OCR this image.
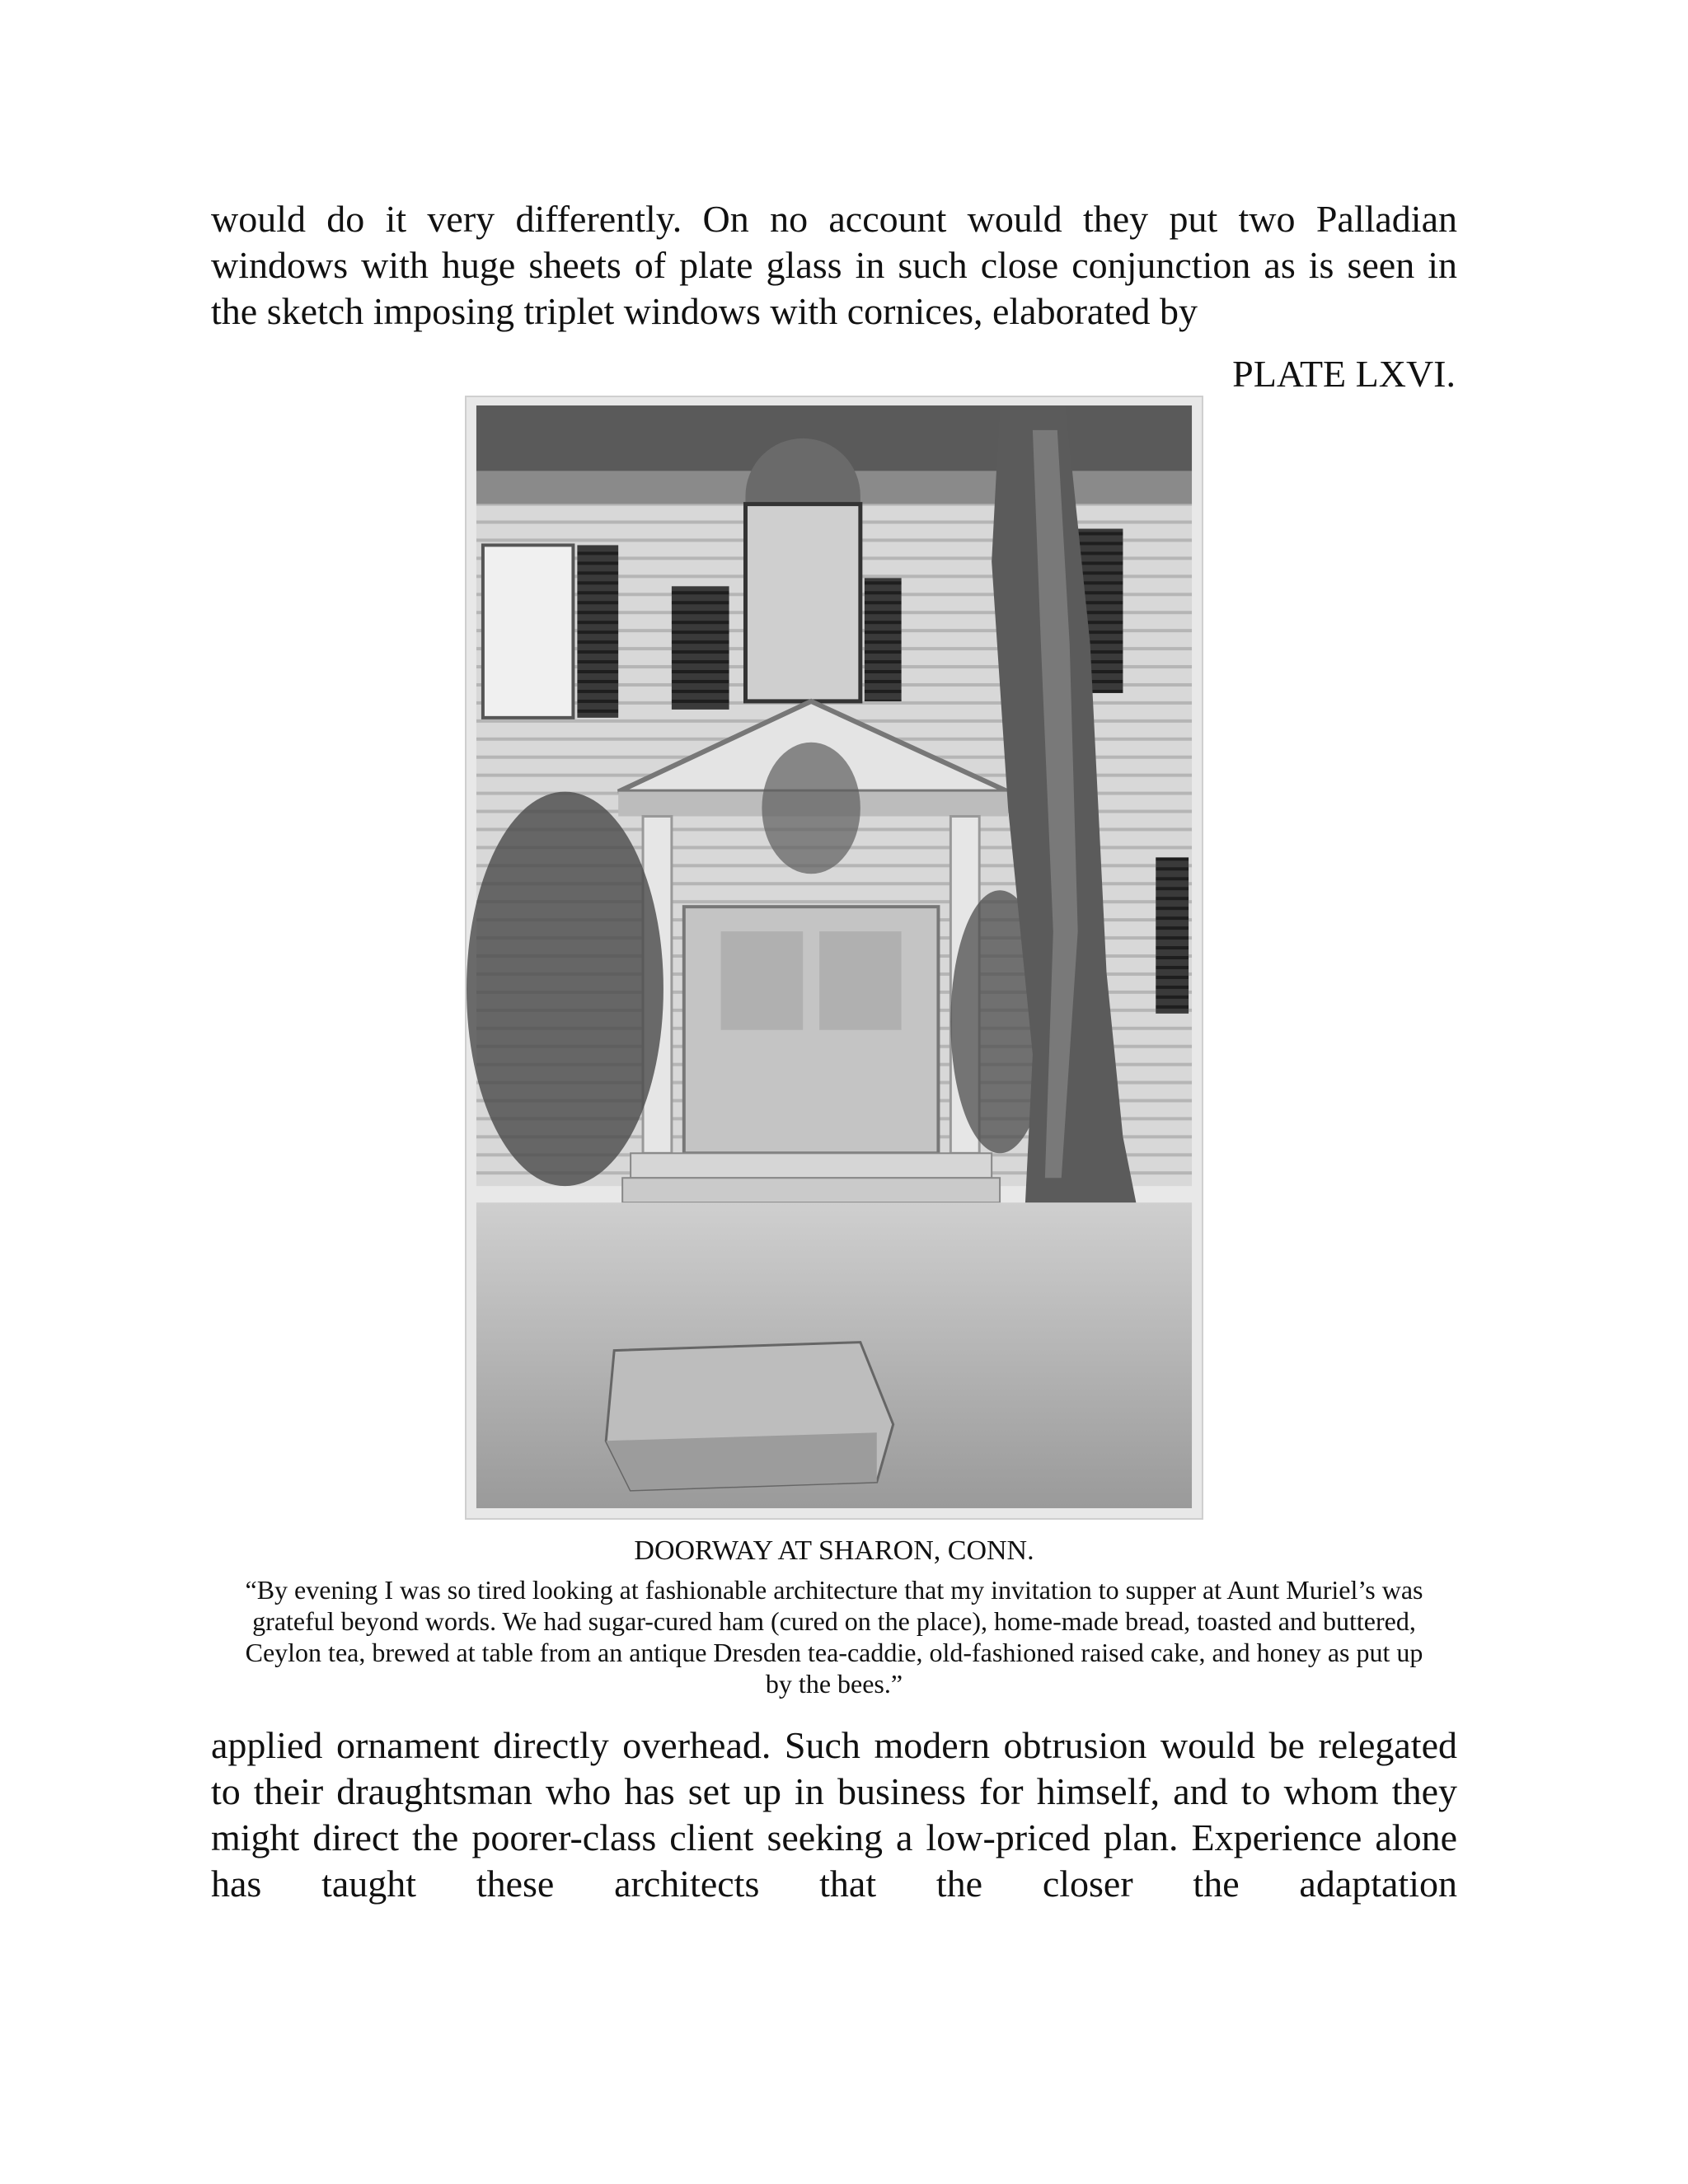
would do it very differently. On no account would they put two Palladian windows with huge sheets of plate glass in such close conjunction as is seen in the sketch imposing triplet windows with cornices, elaborated by

PLATE LXVI.
DOORWAY AT SHARON, CONN.
“By evening I was so tired looking at fashionable architecture that my invitation to supper at Aunt Muriel’s was grateful beyond words. We had sugar-cured ham (cured on the place), home-made bread, toasted and buttered, Ceylon tea, brewed at table from an antique Dresden tea-caddie, old-fashioned raised cake, and honey as put up by the bees.”

applied ornament directly overhead. Such modern obtrusion would be relegated to their draughtsman who has set up in business for himself, and to whom they might direct the poorer-class client seeking a low-priced plan. Experience alone has taught these architects that the closer the adaptation
